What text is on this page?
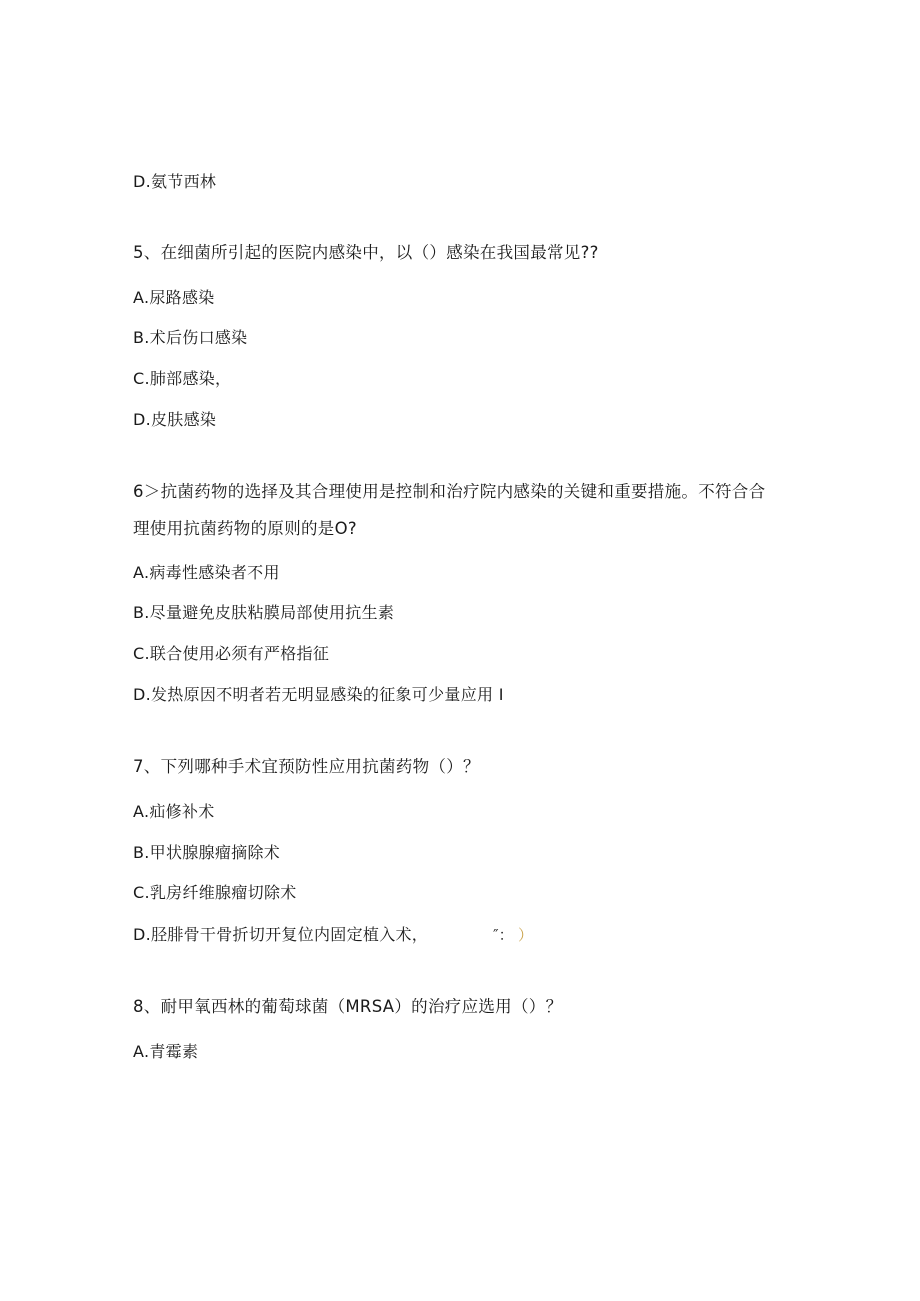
D.氨节西林
5、在细菌所引起的医院内感染中，以（）感染在我国最常见??
A.尿路感染
B.术后伤口感染
C.肺部感染，
D.皮肤感染
6＞抗菌药物的选择及其合理使用是控制和治疗院内感染的关键和重要措施。不符合合
理使用抗菌药物的原则的是O?
A.病毒性感染者不用
B.尽量避免皮肤粘膜局部使用抗生素
C.联合使用必须有严格指征
D.发热原因不明者若无明显感染的征象可少量应用 I
7、下列哪种手术宜预防性应用抗菌药物（）？
A.疝修补术
B.甲状腺腺瘤摘除术
C.乳房纤维腺瘤切除术
D.胫腓骨干骨折切开复位内固定植入术，	″： ）
8、耐甲氧西林的葡萄球菌（MRSA）的治疗应选用（）？
A.青霉素
